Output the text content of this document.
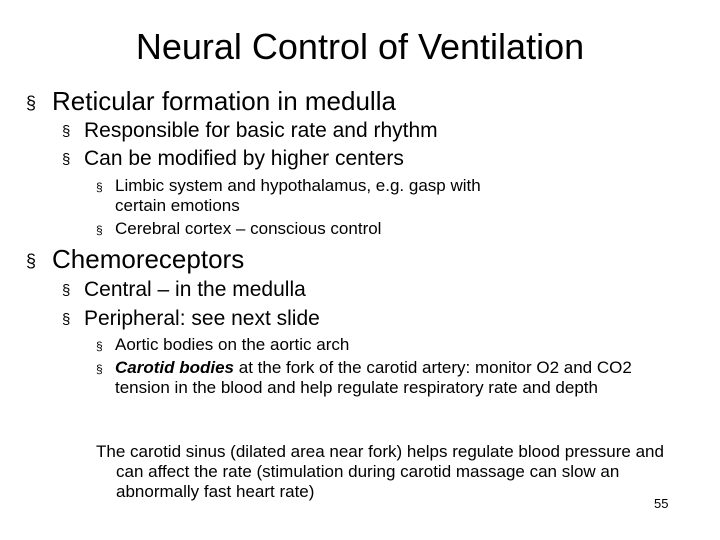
Neural Control of Ventilation
§ Reticular formation in medulla
§ Responsible for basic rate and rhythm
§ Can be modified by higher centers
§ Limbic system and hypothalamus, e.g. gasp with certain emotions
§ Cerebral cortex – conscious control
§ Chemoreceptors
§ Central – in the medulla
§ Peripheral: see next slide
§ Aortic bodies on the aortic arch
§ Carotid bodies at the fork of the carotid artery: monitor O2 and CO2 tension in the blood and help regulate respiratory rate and depth
The carotid sinus (dilated area near fork) helps regulate blood pressure and can affect the rate (stimulation during carotid massage can slow an abnormally fast heart rate)
55
